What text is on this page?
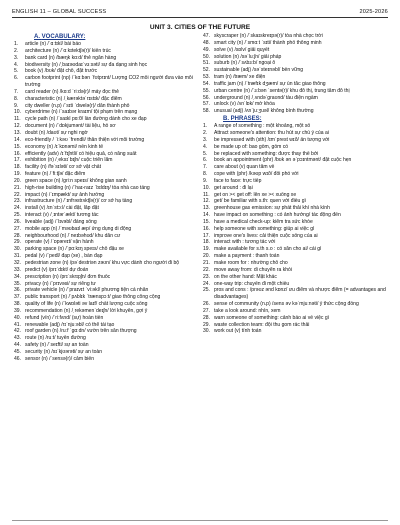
ENGLISH 11 – GLOBAL SUCCESS	2025-2026
UNIT 3. CITIES OF THE FUTURE
A. VOCABULARY:
1.	article (n) /ˈɑːtɪkl/ bài báo
2.	architecture (n) /ˈɑːkɪtektʃə(r)/ kiến trúc
3.	bank card (n) /bæŋk kɑːd/ thẻ ngân hàng
4.	biodiversity (n) /ˌbaɪəʊdaɪˈvɜːsəti/ sự đa dạng sinh học
5.	book (v) /bʊk/ đặt chỗ, đặt trước
6.	carbon footprint (np) /ˈkɑːbən ˈfʊtprɪnt/ Lượng CO2 mỗi người đưa vào môi trường
7.	card reader (n) /kɑːd ˈriːdə(r)/ máy đọc thẻ
8.	characteristic (n) /ˌkærəktəˈrɪstɪk/ đặc điểm
9.	city dweller (n.p) /ˈsɪti ˈdwelə(r)/ dân thành phố
10. cyberdrime (n) /ˈsaɪbər kraɪm/ tội phạm trên mạng
11. cycle path (n) /ˈsaɪkl pɑːθ/ làn đường dành cho xe đạp
12. document (n) /ˈdɒkjumənt/ tài liệu, hồ sơ
13. doubt (n) /daʊt/ sự nghi ngờ
14. eco-friendly / ˈiːkəʊ ˈfrendli/ thân thiện với môi trường
15. economy (n) /ɪˈkɒnəmi/ nền kinh tế
16. efficiently (adv) /ɪˈfɪʃntli/ có hiệu quả, có năng suất
17. exhibition (n) /ˌeksɪˈbɪʃn/ cuộc triển lãm
18. facility (n) /fəˈsɪləti/ cơ sở vật chất
19. feature (n) /ˈfiːtʃə/ đặc điểm
20. green space (n) /ɡriːn speɪs/ không gian xanh
21. high-rise building (n) /ˈhaɪ-raɪz ˈbɪldɪŋ/ tòa nhà cao tầng
22. impact (n) /ˈɪmpækt/ sự ảnh hưởng
23. infrastructure (n) /ˈɪnfrəstrʌktʃə(r)/ cơ sở hạ tầng
24. install (v) /ɪnˈstɔːl/ cài đặt, lắp đặt
25. interact (v) /ˌɪntərˈækt/ tương tác
26. liveable (adj) /ˈlɪvəbl/ đáng sống
27. mobile app (n) /ˈməʊbaɪl æp/ ứng dụng di động
28. neighbourhood (n) /ˈneɪbəhʊd/ khu dân cư
29. operate (v) /ˈɒpəreɪt/ vận hành
30. parking space (n) /ˈpɑːkɪŋ speɪs/ chỗ đậu xe
31. pedal (v) /ˈpedl/ đạp (xe) , bàn đạp
32. pedestrian zone (n) /pəˈdestriən zəʊn/ khu vực dành cho người đi bộ
33. predict (v) /prɪˈdɪkt/ dự đoán
34. prescription (n) /prɪˈskrɪpʃn/ đơn thuốc
35. privacy (n) /ˈprɪvəsi/ sự riêng tư
36. private vehicle (n) /ˈpraɪvɪt ˈviːəkl/ phương tiện cá nhân
37. public transport (n) /ˈpʌblɪk ˈtrænspɔːt/ giao thông công cộng
38. quality of life (n) /ˈkwɒləti əv laɪf/ chất lượng cuộc sống
39. recommendation (n) /ˌrekəmenˈdeɪʃn/ lời khuyên, gợi ý
40. refund (v/n) /ˈriːfʌnd/ (sự) hoàn tiền
41. renewable (adj) /rɪˈnjuːəbl/ có thể tái tạo
42. roof garden (n) /ruːf ˈɡɑːdn/ vườn trên sân thượng
43. route (n) /ruːt/ tuyến đường
44. safety (n) /ˈseɪfti/ sự an toàn
45. security (n) /sɪˈkjʊərəti/ sự an toàn
46. sensor (n) /ˈsensə(r)/ cảm biến
47. skyscraper (n) /ˈskaɪskreɪpə(r)/ tòa nhà chọc trời
48. smart city (n) /ˈsmɑːt ˈsɪti/ thành phố thông minh
49. solve (v) /sɒlv/ giải quyết
50. solution (n) /səˈluːʃn/ giải pháp
51. suburb (n) /ˈsʌbɜːb/ ngoại ô
52. sustainable (adj) /səˈsteɪnəbl/ bền vững
53. tram (n) /træm/ xe điện
54. traffic jam (n) /ˈtræfɪk dʒæm/ sự ùn tắc giao thông
55. urban centre (n) /ˈɜːbən ˈsentə(r)/ khu đô thị, trung tâm đô thị
56. underground (n) /ˌʌndəˈɡraʊnd/ tàu điện ngầm
57. unlock (v) /ʌnˈlɒk/ mở khóa
58. unusual (adj) /ʌnˈjuːʒuəl/ không bình thường
B. PHRASES:
1.	A range of something : một khoảng, một số
2.	Attract someone's attention: thu hút sự chú ý của ai
3.	be impressed with (sth) /ɪmˈprest wɪð/ ấn tượng với
4.	be made up of: bao gồm, gồm có
5.	be replaced with something: được thay thế bởi
6.	book an appointment (phr) /bʊk ən əˈpɔɪntmənt/ đặt cuộc hẹn
7.	care about (v) quan tâm về
8.	cope with (phr) /kəʊp wɪð/ đối phó với
9.	face to face: trực tiếp
10. get around : đi lại
11. get on >< get off: lên xe >< xuống xe
12. get/ be familiar with s.th: quen với điều gì
13. greenhouse gas emission: sự phát thải khí nhà kính
14. have impact on something : có ảnh hưởng/ tác động đến
15. have a medical check-up: kiểm tra sức khỏe
16. help someone with something: giúp ai việc gì
17. improve one's lives: cải thiện cuộc sống của ai
18. interact with : tương tác với
19. make available for s.th s.o : có sẵn cho ai/ cái gì
20. make a payment : thanh toán
21. make room for : nhường chỗ cho
22. move away from: di chuyển ra khỏi
23. on the other hand: Mặt khác
24. one-way trip: chuyến đi một chiều
25. pros and cons : /prəʊz ənd kɒnz/ ưu điểm và nhược điểm (= advantages and disadvantages)
26. sense of community (n.p) /sens əv kəˈmjuːnəti/ ý thức cộng đồng
27. take a look around: nhìn, xem
28. warn someone of something: cảnh báo ai về việc gì
29. waste collection team: đội thu gom rác thải
30. work out (v) tính toán
